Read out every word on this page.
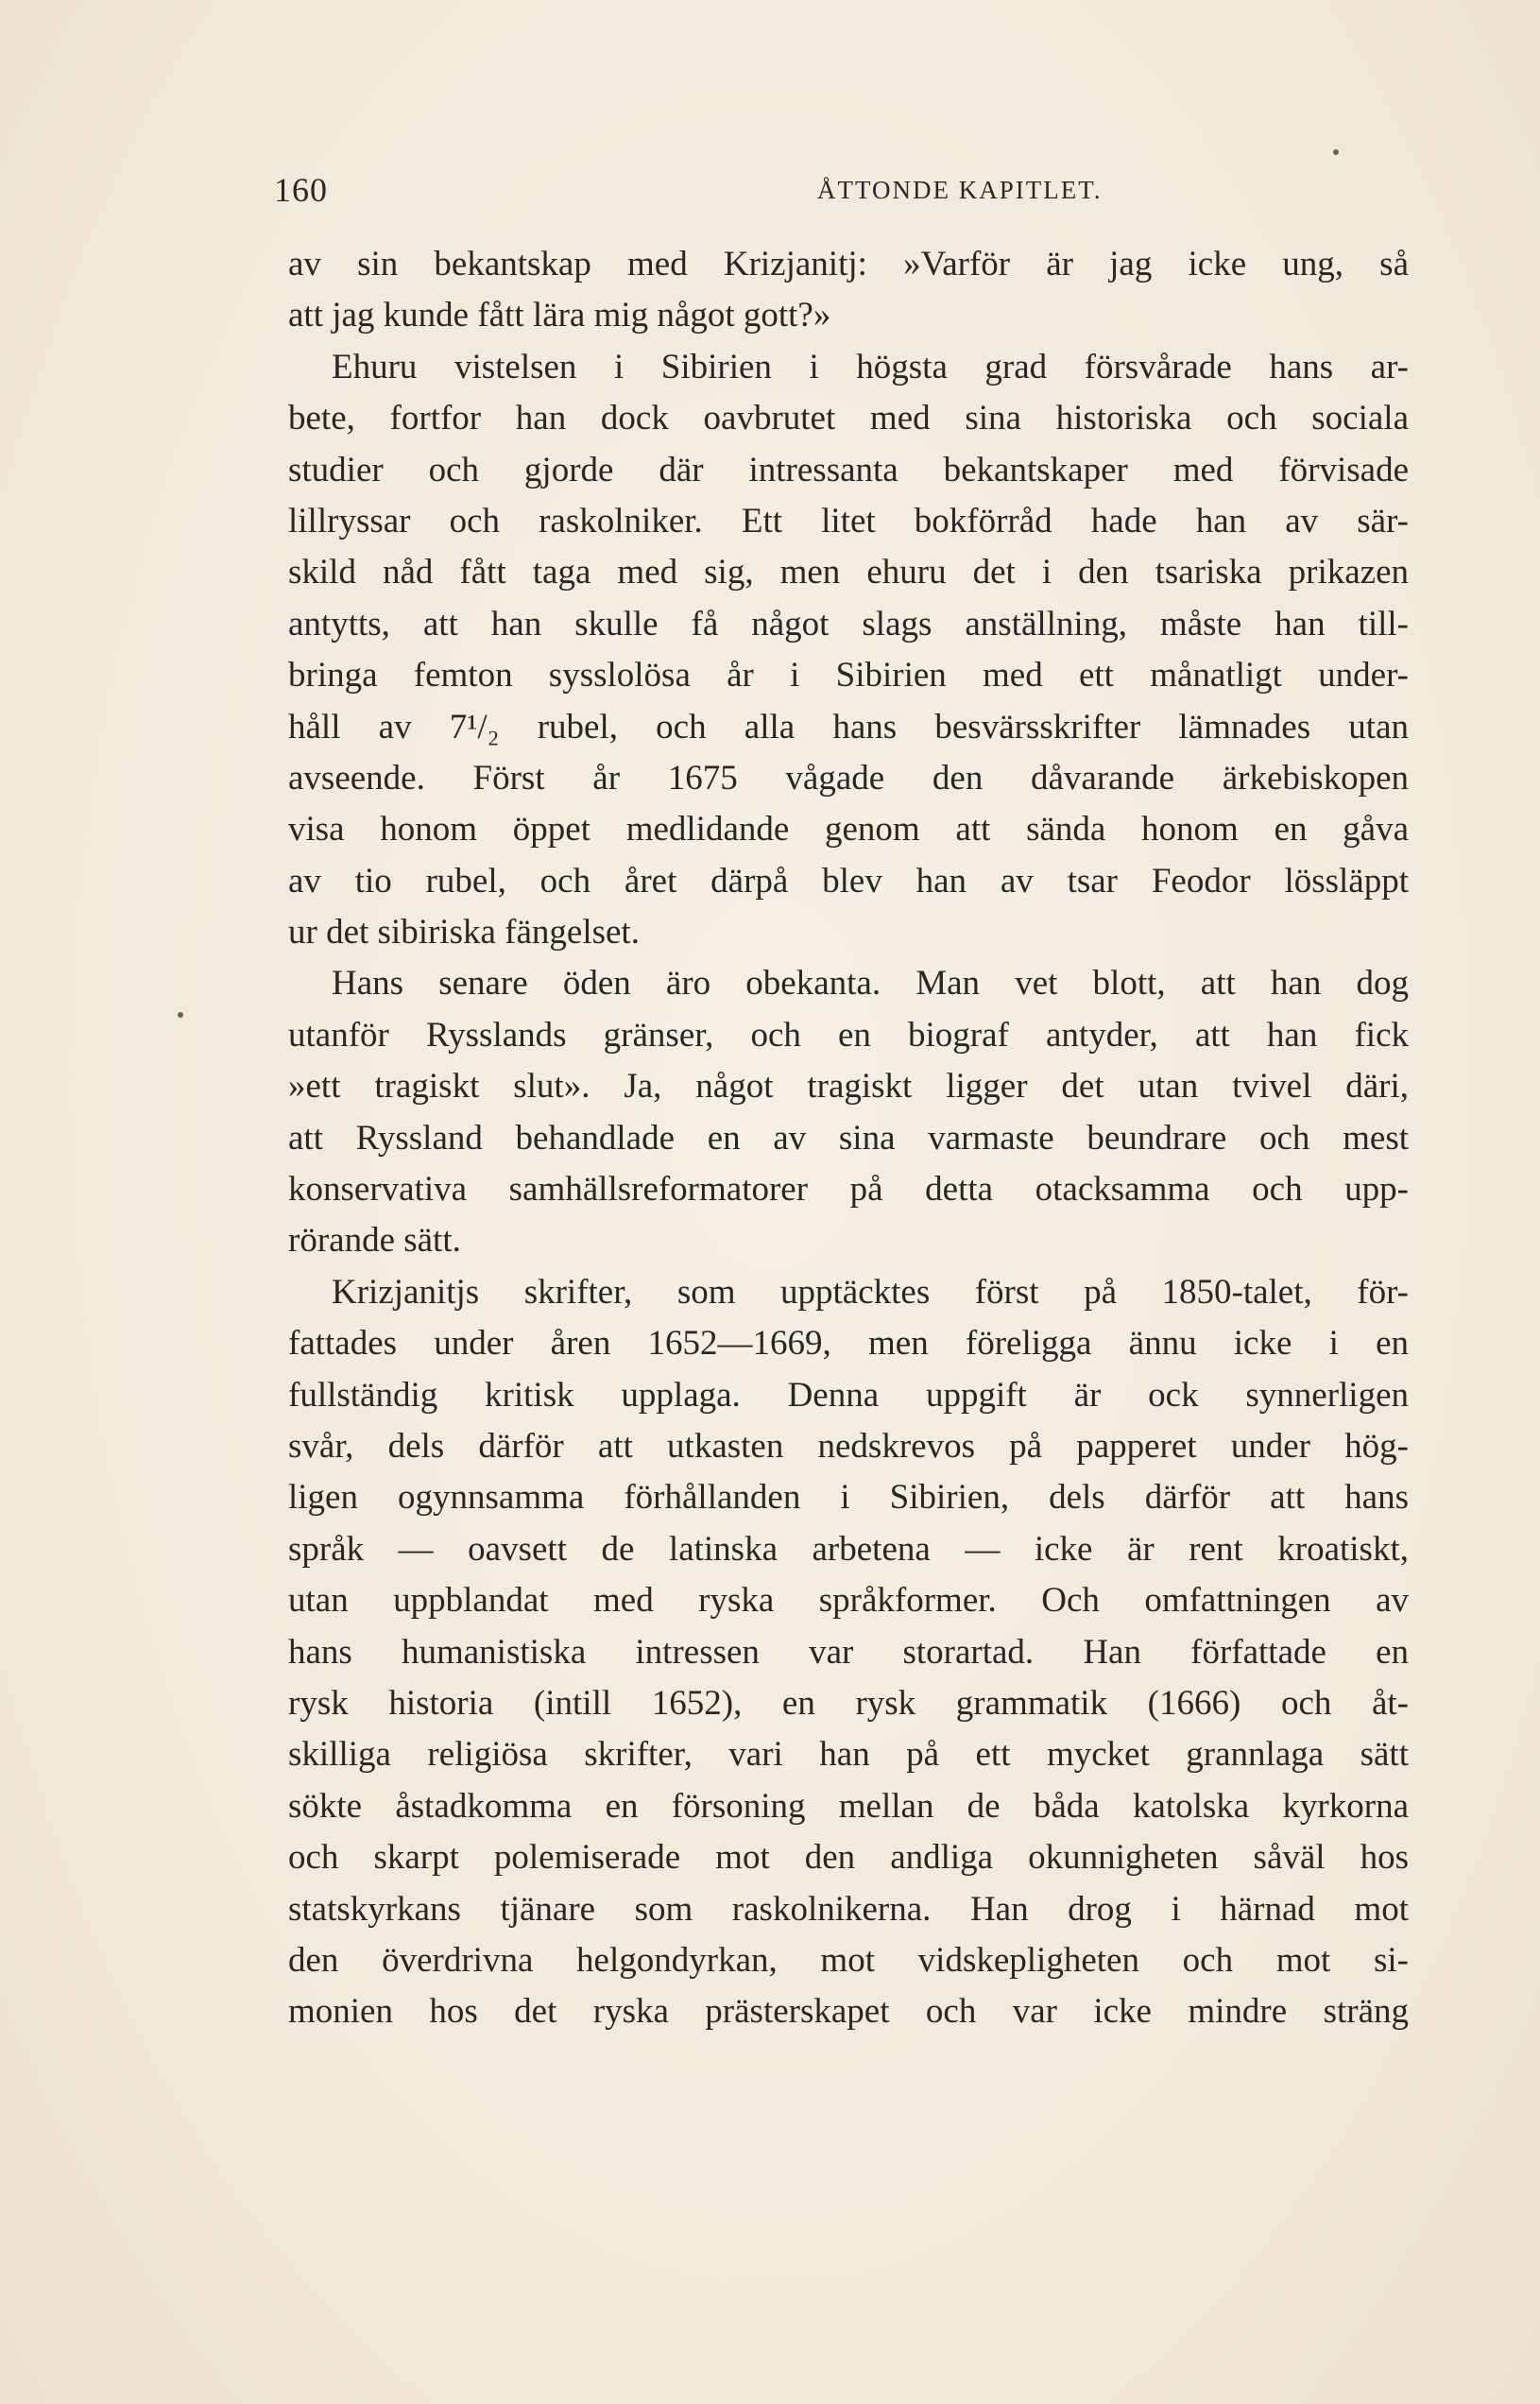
160	ÅTTONDE KAPITLET.
av sin bekantskap med Krizjanitj: »Varför är jag icke ung, så
att jag kunde fått lära mig något gott?»
Ehuru vistelsen i Sibirien i högsta grad försvårade hans ar-
bete, fortfor han dock oavbrutet med sina historiska och sociala
studier och gjorde där intressanta bekantskaper med förvisade
lillryssar och raskolniker. Ett litet bokförråd hade han av sär-
skild nåd fått taga med sig, men ehuru det i den tsariska prikazen
antytts, att han skulle få något slags anställning, måste han till-
bringa femton sysslolösa år i Sibirien med ett månatligt under-
håll av 7¹/₂ rubel, och alla hans besvärsskrifter lämnades utan
avseende. Först år 1675 vågade den dåvarande ärkebiskopen
visa honom öppet medlidande genom att sända honom en gåva
av tio rubel, och året därpå blev han av tsar Feodor lössläppt
ur det sibiriska fängelset.
Hans senare öden äro obekanta. Man vet blott, att han dog
utanför Rysslands gränser, och en biograf antyder, att han fick
»ett tragiskt slut». Ja, något tragiskt ligger det utan tvivel däri,
att Ryssland behandlade en av sina varmaste beundrare och mest
konservativa samhällsreformatorer på detta otacksamma och upp-
rörande sätt.
Krizjanitjs skrifter, som upptäcktes först på 1850-talet, för-
fattades under åren 1652—1669, men föreligga ännu icke i en
fullständig kritisk upplaga. Denna uppgift är ock synnerligen
svår, dels därför att utkasten nedskrevos på papperet under hög-
ligen ogynnsamma förhållanden i Sibirien, dels därför att hans
språk — oavsett de latinska arbetena — icke är rent kroatiskt,
utan uppblandat med ryska språkformer. Och omfattningen av
hans humanistiska intressen var storartad. Han författade en
rysk historia (intill 1652), en rysk grammatik (1666) och åt-
skilliga religiösa skrifter, vari han på ett mycket grannlaga sätt
sökte åstadkomma en försoning mellan de båda katolska kyrkorna
och skarpt polemiserade mot den andliga okunnigheten såväl hos
statskyrkans tjänare som raskolnikerna. Han drog i härnad mot
den överdrivna helgondyrkan, mot vidskepligheten och mot si-
monien hos det ryska prästerskapet och var icke mindre sträng
